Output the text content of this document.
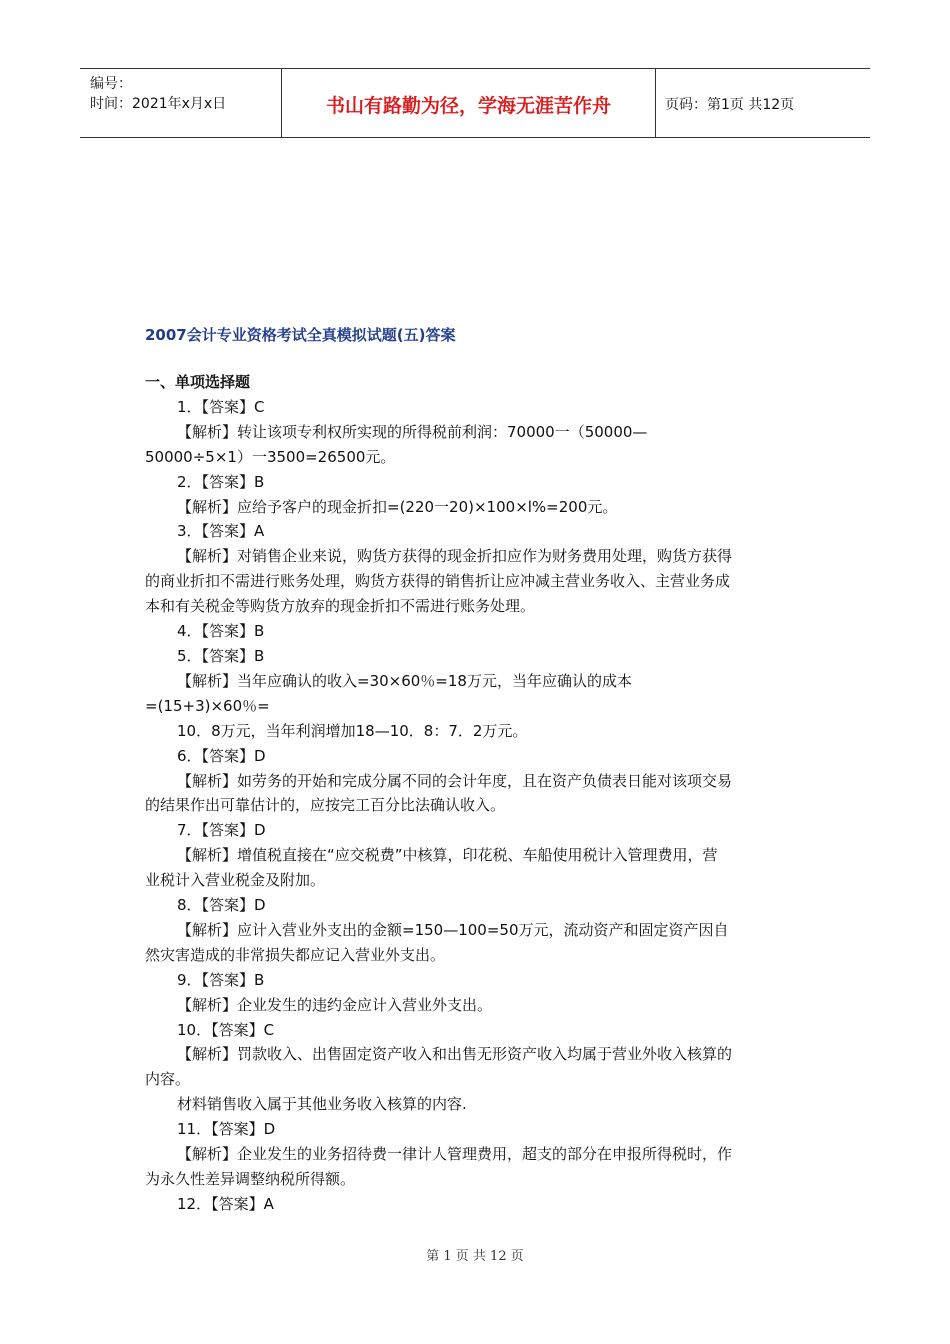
编号：
时间：2021年x月x日	书山有路勤为径，学海无涯苦作舟	页码：第1页 共12页
2007会计专业资格考试全真模拟试题(五)答案

一、单项选择题

1．【答案】C

【解析】转让该项专利权所实现的所得税前利润：70000一（50000—

50000÷5×1）一3500=26500元。

2．【答案】B

【解析】应给予客户的现金折扣=(220一20)×100×l%=200元。

3．【答案】A

【解析】对销售企业来说，购货方获得的现金折扣应作为财务费用处理，购货方获得

的商业折扣不需进行账务处理，购货方获得的销售折让应冲减主营业务收入、主营业务成

本和有关税金等购货方放弃的现金折扣不需进行账务处理。

4．【答案】B

5．【答案】B

【解析】当年应确认的收入=30×60％=18万元，当年应确认的成本

=(15+3)×60％=

10．8万元，当年利润增加18—10．8：7．2万元。

6．【答案】D

【解析】如劳务的开始和完成分属不同的会计年度，且在资产负债表日能对该项交易

的结果作出可靠估计的，应按完工百分比法确认收入。

7．【答案】D

【解析】增值税直接在“应交税费”中核算，印花税、车船使用税计入管理费用，营

业税计入营业税金及附加。

8．【答案】D

【解析】应计入营业外支出的金额=150—100=50万元，流动资产和固定资产因自

然灾害造成的非常损失都应记入营业外支出。

9．【答案】B

【解析】企业发生的违约金应计入营业外支出。

10．【答案】C

【解析】罚款收入、出售固定资产收入和出售无形资产收入均属于营业外收入核算的

内容。

材料销售收入属于其他业务收入核算的内容.

11．【答案】D

【解析】企业发生的业务招待费一律计人管理费用，超支的部分在申报所得税时，作

为永久性差异调整纳税所得额。

12．【答案】A

第 1 页 共 12 页
